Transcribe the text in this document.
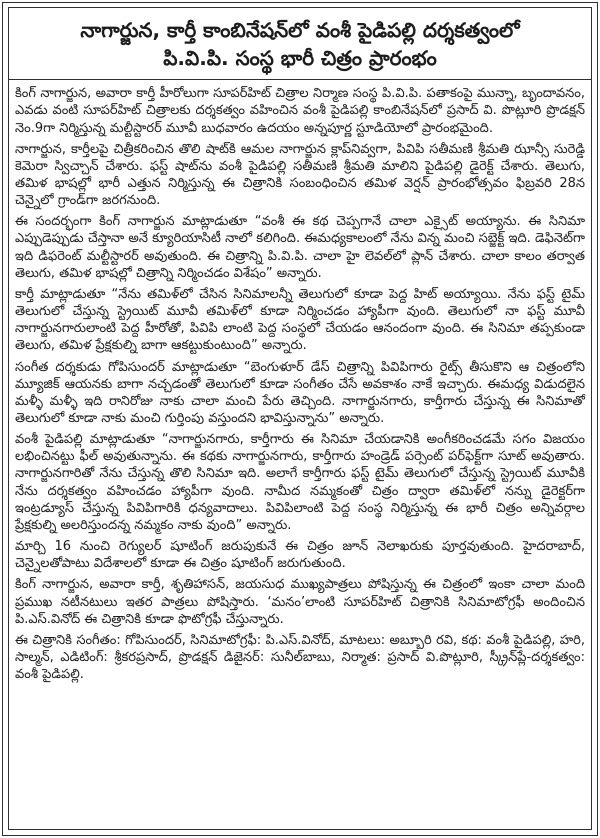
నాగార్జున, కార్తీ కాంబినేషన్‌లో వంశీ పైడిపల్లి దర్శకత్వంలో
పి.వి.పి. సంస్థ భారీ చిత్రం ప్రారంభం

కింగ్ నాగార్జున, అవారా కార్తీ హీరోలుగా సూపర్‌హిట్ చిత్రాల నిర్మాణ సంస్థ పి.వి.పి. పతాకంపై మున్నా, బృందావనం, ఎవడు వంటి సూపర్‌హిట్ చిత్రాలకు దర్శకత్వం వహించిన వంశీ పైడిపల్లి కాంబినేషన్‌లో ప్రసాద్ వి. పొట్లూరి ప్రొడక్షన్ నెం.9గా నిర్మిస్తున్న మల్టీస్టారర్ మూవీ బుధవారం ఉదయం అన్నపూర్ణ స్టూడియోలో ప్రారంభమైంది.

నాగార్జున, కార్తీలపై చిత్రీకరించిన తొలి షాట్‌కి ఆమల నాగార్జున క్లాప్‌నివ్వగా, పివిపి సతీమణి శ్రీమతి ఝాన్సీ సురెడ్డి కెమెరా స్విచ్చాన్ చేశారు. ఫస్ట్ షాట్‌ను వంశీ పైడిపల్లి సతీమణి శ్రీమతి మాలిని పైడిపల్లి డైరెక్ట్ చేశారు. తెలుగు, తమిళ భాషల్లో భారీ ఎత్తున నిర్మిస్తున్న ఈ చిత్రానికి సంబంధించిన తమిళ వెర్షన్ ప్రారంభోత్సవం ఫిబ్రవరి 28న చెన్నైలో గ్రాండ్‌గా జరగనుంది.

ఈ సందర్భంగా కింగ్ నాగార్జున మాట్లాడుతూ “వంశీ ఈ కథ చెప్పగానే చాలా ఎక్సైట్ అయ్యాను. ఈ సినిమా ఎప్పుడెప్పుడు చేస్తానా అనే క్యూరియాసిటీ నాలో కలిగింది. ఈమధ్యకాలంలో నేను విన్న మంచి సబ్జెక్ట్ ఇది. డెఫినెట్‌గా ఇది డిఫరెంట్ మల్టీస్టారర్ అవుతుంది. ఈ చిత్రాన్ని పి.వి.పి. చాలా హై లెవల్‌లో ప్లాన్ చేశారు. చాలా కాలం తర్వాత తెలుగు, తమిళ భాషల్లో చిత్రాన్ని నిర్మించడం విశేషం” అన్నారు.

కార్తీ మాట్లాడుతూ “నేను తమిళ్‌లో చేసిన సినిమాలన్నీ తెలుగులో కూడా పెద్ద హిట్ అయ్యాయి. నేను ఫస్ట్ టైమ్ తెలుగులో చేస్తున్న స్ట్రెయిట్ మూవీ తమిళ్‌లో కూడా నిర్మించడం హ్యాపీగా వుంది. తెలుగులో నా ఫస్ట్ మూవీ నాగార్జునగారులాంటి పెద్ద హీరోతో, పివిపి లాంటి పెద్ద సంస్థలో చేయడం ఆనందంగా వుంది. ఈ సినిమా తప్పకుండా తెలుగు, తమిళ ప్రేక్షకుల్ని బాగా ఆకట్టుకుంటుంది” అన్నారు.

సంగీత దర్శకుడు గోపిసుందర్ మాట్లాడుతూ “బెంగుళూర్ డేస్ చిత్రాన్ని పివిపిగారు రైట్స్ తీసుకొని ఆ చిత్రంలోని మ్యూజిక్ ఆయనకు బాగా నచ్చడంతో తెలుగులో కూడా సంగీతం చేసే అవకాశం నాకే ఇచ్చారు. ఈమధ్య విడుదలైన మళ్ళీ మళ్ళీ ఇది రానిరోజు నాకు చాలా మంచి పేరు తెచ్చింది. నాగార్జునగారు, కార్తీగారు చేస్తున్న ఈ సినిమాతో తెలుగులో కూడా నాకు మంచి గుర్తింపు వస్తుందని భావిస్తున్నాను” అన్నారు.

వంశీ పైడిపల్లి మాట్లాడుతూ “నాగార్జునగారు, కార్తీగారు ఈ సినిమా చేయడానికి అంగీకరించడమే సగం విజయం లభించినట్టు ఫీల్ అవుతున్నాను. ఈ కథకు నాగార్జునగారు, కార్తీగారు హండ్రెడ్ పర్సెంట్ పర్‌ఫెక్ట్‌గా సూట్ అవుతారు. నాగార్జునగారితో నేను చేస్తున్న తొలి సినిమా ఇది. అలాగే కార్తీగారు ఫస్ట్ టైమ్ తెలుగులో చేస్తున్న స్ట్రెయిట్ మూవీకి నేను దర్శకత్వం వహించడం హ్యాపీగా వుంది. నామీద నమ్మకంతో చిత్రం ద్వారా తమిళ్‌లో నన్ను డైరెక్టర్‌గా ఇంట్రడ్యూస్ చేస్తున్న పివిపిగారికి ధన్యవాదాలు. పివిపిలాంటి పెద్ద సంస్థ నిర్మిస్తున్న ఈ భారీ చిత్రం అన్నివర్గాల ప్రేక్షకుల్ని అలరిస్తుందన్న నమ్మకం నాకు వుంది” అన్నారు.

మార్చి 16 నుంచి రెగ్యులర్ షూటింగ్ జరుపుకునే ఈ చిత్రం జూన్ నెలాఖరుకు పూర్తవుతుంది. హైదరాబాద్, చెన్నైలతోపాటు విదేశాలలో కూడా ఈ చిత్రం షూటింగ్ జరుగుతుంది.

కింగ్ నాగార్జున, అవారా కార్తీ, శృతిహాసన్, జయసుధ ముఖ్యపాత్రలు పోషిస్తున్న ఈ చిత్రంలో ఇంకా చాలా మంది ప్రముఖ నటీనటులు ఇతర పాత్రలు పోషిస్తారు. ‘మనం’లాంటి సూపర్‌హిట్ చిత్రానికి సినిమాటోగ్రఫీ అందించిన పి.ఎస్.వినోద్ ఈ చిత్రానికి కూడా ఫొటోగ్రఫీ చేస్తున్నారు.

ఈ చిత్రానికి సంగీతం: గోపిసుందర్, సినిమాటోగ్రఫీ: పి.ఎస్.వినోద్, మాటలు: అబ్బూరి రవి, కథ: వంశీ పైడిపల్లి, హరి, సాల్మన్, ఎడిటింగ్: శ్రీకరప్రసాద్, ప్రొడక్షన్ డిజైనర్: సునీల్‌బాబు, నిర్మాత: ప్రసాద్ వి.పొట్లూరి, స్క్రీన్‌ప్లే-దర్శకత్వం: వంశీ పైడిపల్లి.
